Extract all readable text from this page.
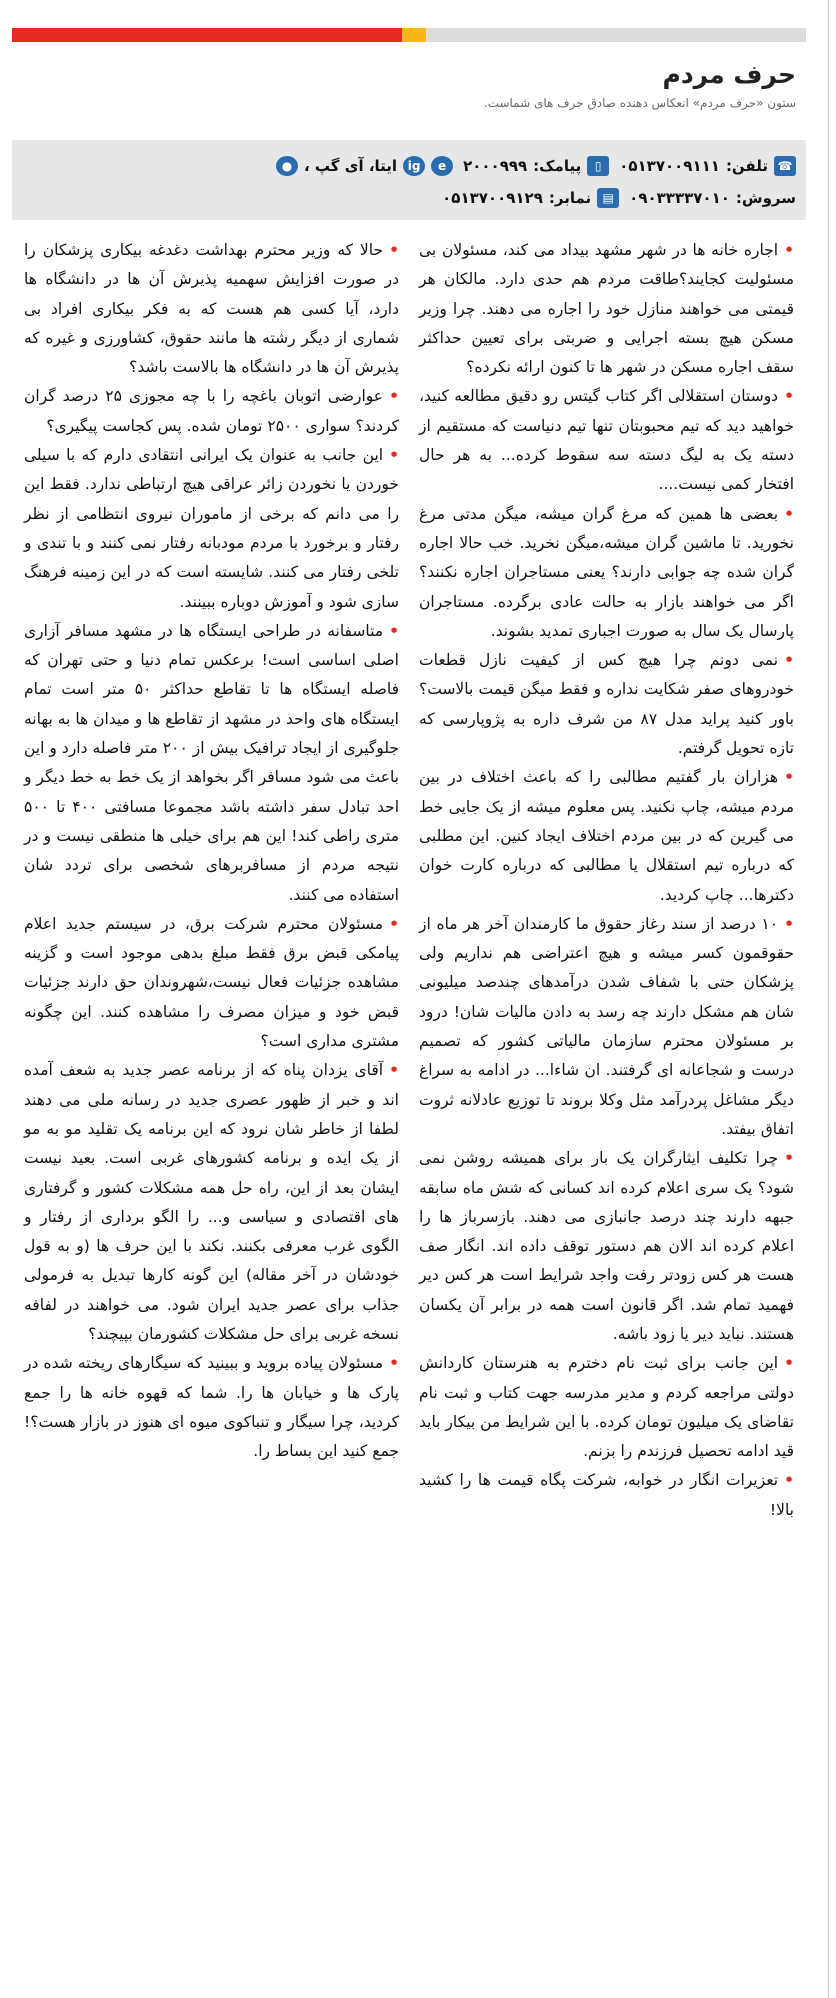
حرف مردم
ستون «حرف مردم» انعکاس دهنده صادق حرف های شماست.
☎
تلفن:
۰۵۱۳۷۰۰۹۱۱۱
▯
پیامک:
۲۰۰۰۹۹۹
e
ig
ایتا، آی گپ ،
●
سروش:
۰۹۰۳۳۳۳۷۰۱۰
▤
نمابر:
۰۵۱۳۷۰۰۹۱۲۹

•اجاره خانه ها در شهر مشهد بیداد می کند، مسئولان بی مسئولیت کجایند؟طاقت مردم هم حدی دارد. مالکان هر قیمتی می خواهند منازل خود را اجاره می دهند. چرا وزیر مسکن هیچ بسته اجرایی و ضربتی برای تعیین حداکثر سقف اجاره مسکن در شهر ها تا کنون ارائه نکرده؟

•دوستان استقلالی اگر کتاب گیتس رو دقیق مطالعه کنید، خواهید دید که تیم محبوبتان تنها تیم دنیاست که مستقیم از دسته یک به لیگ دسته سه سقوط کرده... به هر حال افتخار کمی نیست....

•بعضی ها همین که مرغ گران میشه، میگن مدتی مرغ نخورید. تا ماشین گران میشه،میگن نخرید. خب حالا اجاره گران شده چه جوابی دارند؟ یعنی مستاجران اجاره نکنند؟ اگر می خواهند بازار به حالت عادی برگرده. مستاجران پارسال یک سال به صورت اجباری تمدید بشوند.

•نمی دونم چرا هیچ کس از کیفیت نازل قطعات خودروهای صفر شکایت نداره و فقط میگن قیمت بالاست؟ باور کنید پراید مدل ۸۷ من شرف داره به پژوپارسی که تازه تحویل گرفتم.

•هزاران بار گفتیم مطالبی را که باعث اختلاف در بین مردم میشه، چاپ نکنید. پس معلوم میشه از یک جایی خط می گیرین که در بین مردم اختلاف ایجاد کنین. این مطلبی که درباره تیم استقلال یا مطالبی که درباره کارت خوان دکترها... چاپ کردید.

•۱۰ درصد از سند رغاز حقوق ما کارمندان آخر هر ماه از حقوقمون کسر میشه و هیچ اعتراضی هم نداریم ولی پزشکان حتی با شفاف شدن درآمدهای چندصد میلیونی شان هم مشکل دارند چه رسد به دادن مالیات شان! درود بر مسئولان محترم سازمان مالیاتی کشور که تصمیم درست و شجاعانه ای گرفتند. ان شاءا... در ادامه به سراغ دیگر مشاغل پردرآمد مثل وکلا بروند تا توزیع عادلانه ثروت اتفاق بیفتد.

•چرا تکلیف ایثارگران یک بار برای همیشه روشن نمی شود؟ یک سری اعلام کرده اند کسانی که شش ماه سابقه جبهه دارند چند درصد جانبازی می دهند. بازسرباز ها را اعلام کرده اند الان هم دستور توقف داده اند. انگار صف هست هر کس زودتر رفت واجد شرایط است هر کس دیر فهمید تمام شد. اگر قانون است همه در برابر آن یکسان هستند. نباید دیر یا زود باشه.

•این جانب برای ثبت نام دخترم به هنرستان کاردانش دولتی مراجعه کردم و مدیر مدرسه جهت کتاب و ثبت نام تقاضای یک میلیون تومان کرده. با این شرایط من بیکار باید قید ادامه تحصیل فرزندم را بزنم.

•تعزیرات انگار در خوابه، شرکت پگاه قیمت ها را کشید بالا!

•حالا که وزیر محترم بهداشت دغدغه بیکاری پزشکان را در صورت افزایش سهمیه پذیرش آن ها در دانشگاه ها دارد، آیا کسی هم هست که به فکر بیکاری افراد بی شماری از دیگر رشته ها مانند حقوق، کشاورزی و غیره که پذیرش آن ها در دانشگاه ها بالاست باشد؟

•عوارضی اتوبان باغچه را با چه مجوزی ۲۵ درصد گران کردند؟ سواری ۲۵۰۰ تومان شده. پس کجاست پیگیری؟

•این جانب به عنوان یک ایرانی انتقادی دارم که با سیلی خوردن یا نخوردن زائر عراقی هیچ ارتباطی ندارد. فقط این را می دانم که برخی از ماموران نیروی انتظامی از نظر رفتار و برخورد با مردم مودبانه رفتار نمی کنند و با تندی و تلخی رفتار می کنند. شایسته است که در این زمینه فرهنگ سازی شود و آموزش دوباره ببینند.

•متاسفانه در طراحی ایستگاه ها در مشهد مسافر آزاری اصلی اساسی است! برعکس تمام دنیا و حتی تهران که فاصله ایستگاه ها تا تقاطع حداکثر ۵۰ متر است تمام ایستگاه های واحد در مشهد از تقاطع ها و میدان ها به بهانه جلوگیری از ایجاد ترافیک بیش از ۲۰۰ متر فاصله دارد و این باعث می شود مسافر اگر بخواهد از یک خط به خط دیگر و احد تبادل سفر داشته باشد مجموعا مسافتی ۴۰۰ تا ۵۰۰ متری راطی کند! این هم برای خیلی ها منطقی نیست و در نتیجه مردم از مسافربرهای شخصی برای تردد شان استفاده می کنند.

•مسئولان محترم شرکت برق، در سیستم جدید اعلام پیامکی قبض برق فقط مبلغ بدهی موجود است و گزینه مشاهده جزئیات فعال نیست،شهروندان حق دارند جزئیات قبض خود و میزان مصرف را مشاهده کنند. این چگونه مشتری مداری است؟

•آقای یزدان پناه که از برنامه عصر جدید به شعف آمده اند و خبر از ظهور عصری جدید در رسانه ملی می دهند لطفا از خاطر شان نرود که این برنامه یک تقلید مو به مو از یک ایده و برنامه کشورهای غربی است. بعید نیست ایشان بعد از این، راه حل همه مشکلات کشور و گرفتاری های اقتصادی و سیاسی و... را الگو برداری از رفتار و الگوی غرب معرفی بکنند. نکند با این حرف ها (و به قول خودشان در آخر مقاله) این گونه کارها تبدیل به فرمولی جذاب برای عصر جدید ایران شود. می خواهند در لفافه نسخه غربی برای حل مشکلات کشورمان بپیچند؟

•مسئولان پیاده بروید و ببینید که سیگارهای ریخته شده در پارک ها و خیابان ها را. شما که قهوه خانه ها را جمع کردید، چرا سیگار و تنباکوی میوه ای هنوز در بازار هست؟! جمع کنید این بساط را.
